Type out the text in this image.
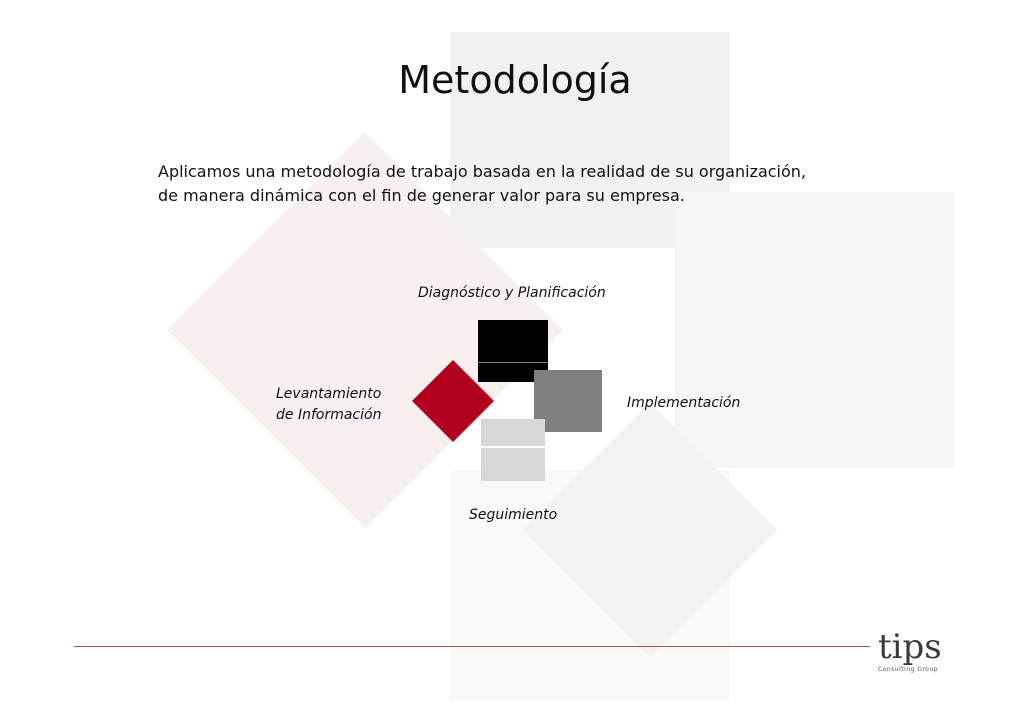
Metodología

Aplicamos una metodología de trabajo basada en la realidad de su organización,

de manera dinámica con el fin de generar valor para su empresa.

Diagnóstico y Planificación
Levantamiento
de Información
Implementación
Seguimiento
tips
Consulting Group
